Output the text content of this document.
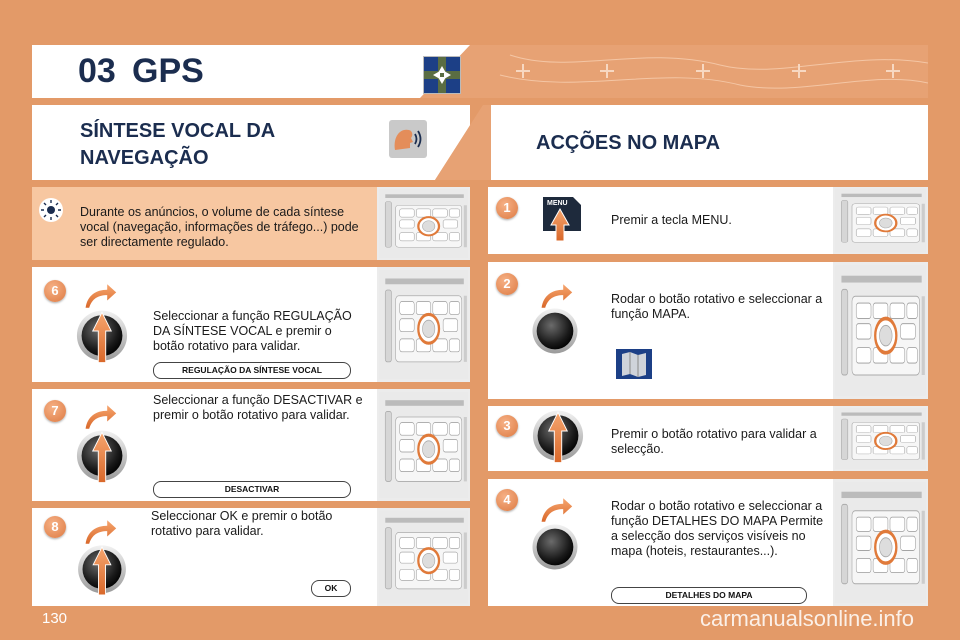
03 GPS
SÍNTESE VOCAL DA
NAVEGAÇÃO
ACÇÕES NO MAPA
Durante os anúncios, o volume de cada síntese vocal (navegação, informações de tráfego...) pode ser directamente regulado.
6
Seleccionar a função REGULAÇÃO DA SÍNTESE VOCAL e premir o botão rotativo para validar.
REGULAÇÃO DA SÍNTESE VOCAL
7
Seleccionar a função DESACTIVAR e premir o botão rotativo para validar.
DESACTIVAR
8
Seleccionar OK e premir o botão rotativo para validar.
OK
1	MENU
Premir a tecla MENU.
2
Rodar o botão rotativo e seleccionar a função MAPA.
3
Premir o botão rotativo para validar a selecção.
4	Rodar o botão rotativo e seleccionar a função DETALHES DO MAPA Permite a selecção dos serviços visíveis no mapa (hoteis, restaurantes...).
DETALHES DO MAPA
130	carmanualsonline.info
